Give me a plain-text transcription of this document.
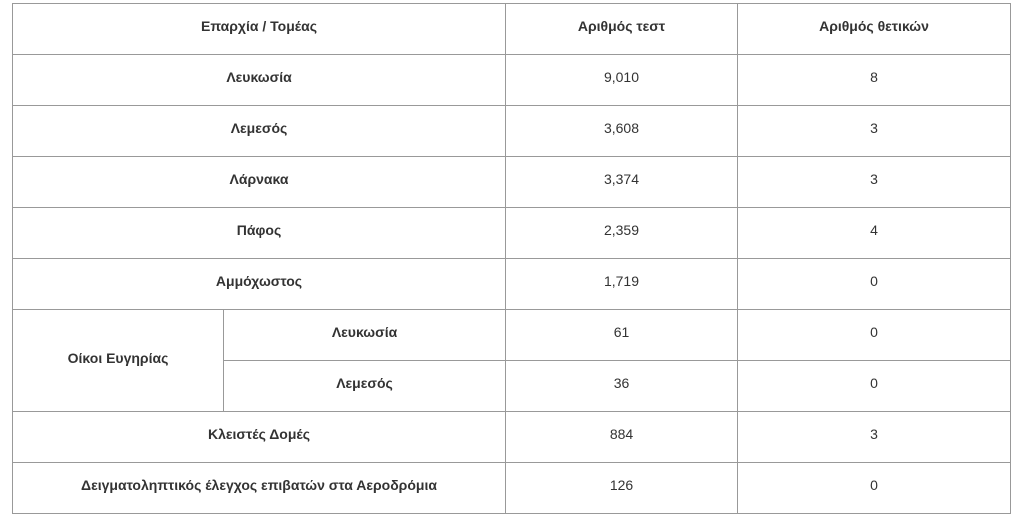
Επαρχία / Τομέας		Αριθμός τεστ	Αριθμός θετικών

Λευκωσία		9,010	8

Λεμεσός		3,608	3

Λάρνακα		3,374	3

Πάφος		2,359	4

Αμμόχωστος		1,719	0

Οίκοι Ευγηρίας	Λευκωσία	61	0

	Λεμεσός	36	0

Κλειστές Δομές		884	3

Δειγματοληπτικός έλεγχος επιβατών στα Αεροδρόμια		126	0
